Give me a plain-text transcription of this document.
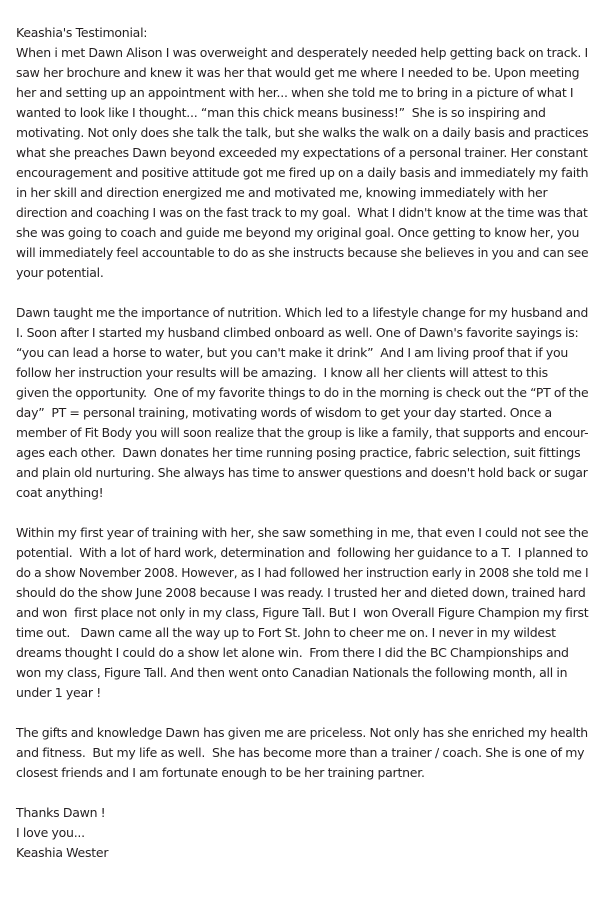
Keashia's Testimonial:
When i met Dawn Alison I was overweight and desperately needed help getting back on track. I
saw her brochure and knew it was her that would get me where I needed to be. Upon meeting
her and setting up an appointment with her... when she told me to bring in a picture of what I
wanted to look like I thought... “man this chick means business!”  She is so inspiring and
motivating. Not only does she talk the talk, but she walks the walk on a daily basis and practices
what she preaches Dawn beyond exceeded my expectations of a personal trainer. Her constant
encouragement and positive attitude got me fired up on a daily basis and immediately my faith
in her skill and direction energized me and motivated me, knowing immediately with her
direction and coaching I was on the fast track to my goal.  What I didn't know at the time was that
she was going to coach and guide me beyond my original goal. Once getting to know her, you
will immediately feel accountable to do as she instructs because she believes in you and can see
your potential.
Dawn taught me the importance of nutrition. Which led to a lifestyle change for my husband and
I. Soon after I started my husband climbed onboard as well. One of Dawn's favorite sayings is:
“you can lead a horse to water, but you can't make it drink”  And I am living proof that if you
follow her instruction your results will be amazing.  I know all her clients will attest to this
given the opportunity.  One of my favorite things to do in the morning is check out the “PT of the
day”  PT = personal training, motivating words of wisdom to get your day started. Once a
member of Fit Body you will soon realize that the group is like a family, that supports and encour-
ages each other.  Dawn donates her time running posing practice, fabric selection, suit fittings
and plain old nurturing. She always has time to answer questions and doesn't hold back or sugar
coat anything!
Within my first year of training with her, she saw something in me, that even I could not see the
potential.  With a lot of hard work, determination and  following her guidance to a T.  I planned to
do a show November 2008. However, as I had followed her instruction early in 2008 she told me I
should do the show June 2008 because I was ready. I trusted her and dieted down, trained hard
and won  first place not only in my class, Figure Tall. But I  won Overall Figure Champion my first
time out.   Dawn came all the way up to Fort St. John to cheer me on. I never in my wildest
dreams thought I could do a show let alone win.  From there I did the BC Championships and
won my class, Figure Tall. And then went onto Canadian Nationals the following month, all in
under 1 year !
The gifts and knowledge Dawn has given me are priceless. Not only has she enriched my health
and fitness.  But my life as well.  She has become more than a trainer / coach. She is one of my
closest friends and I am fortunate enough to be her training partner.
Thanks Dawn !
I love you...
Keashia Wester
